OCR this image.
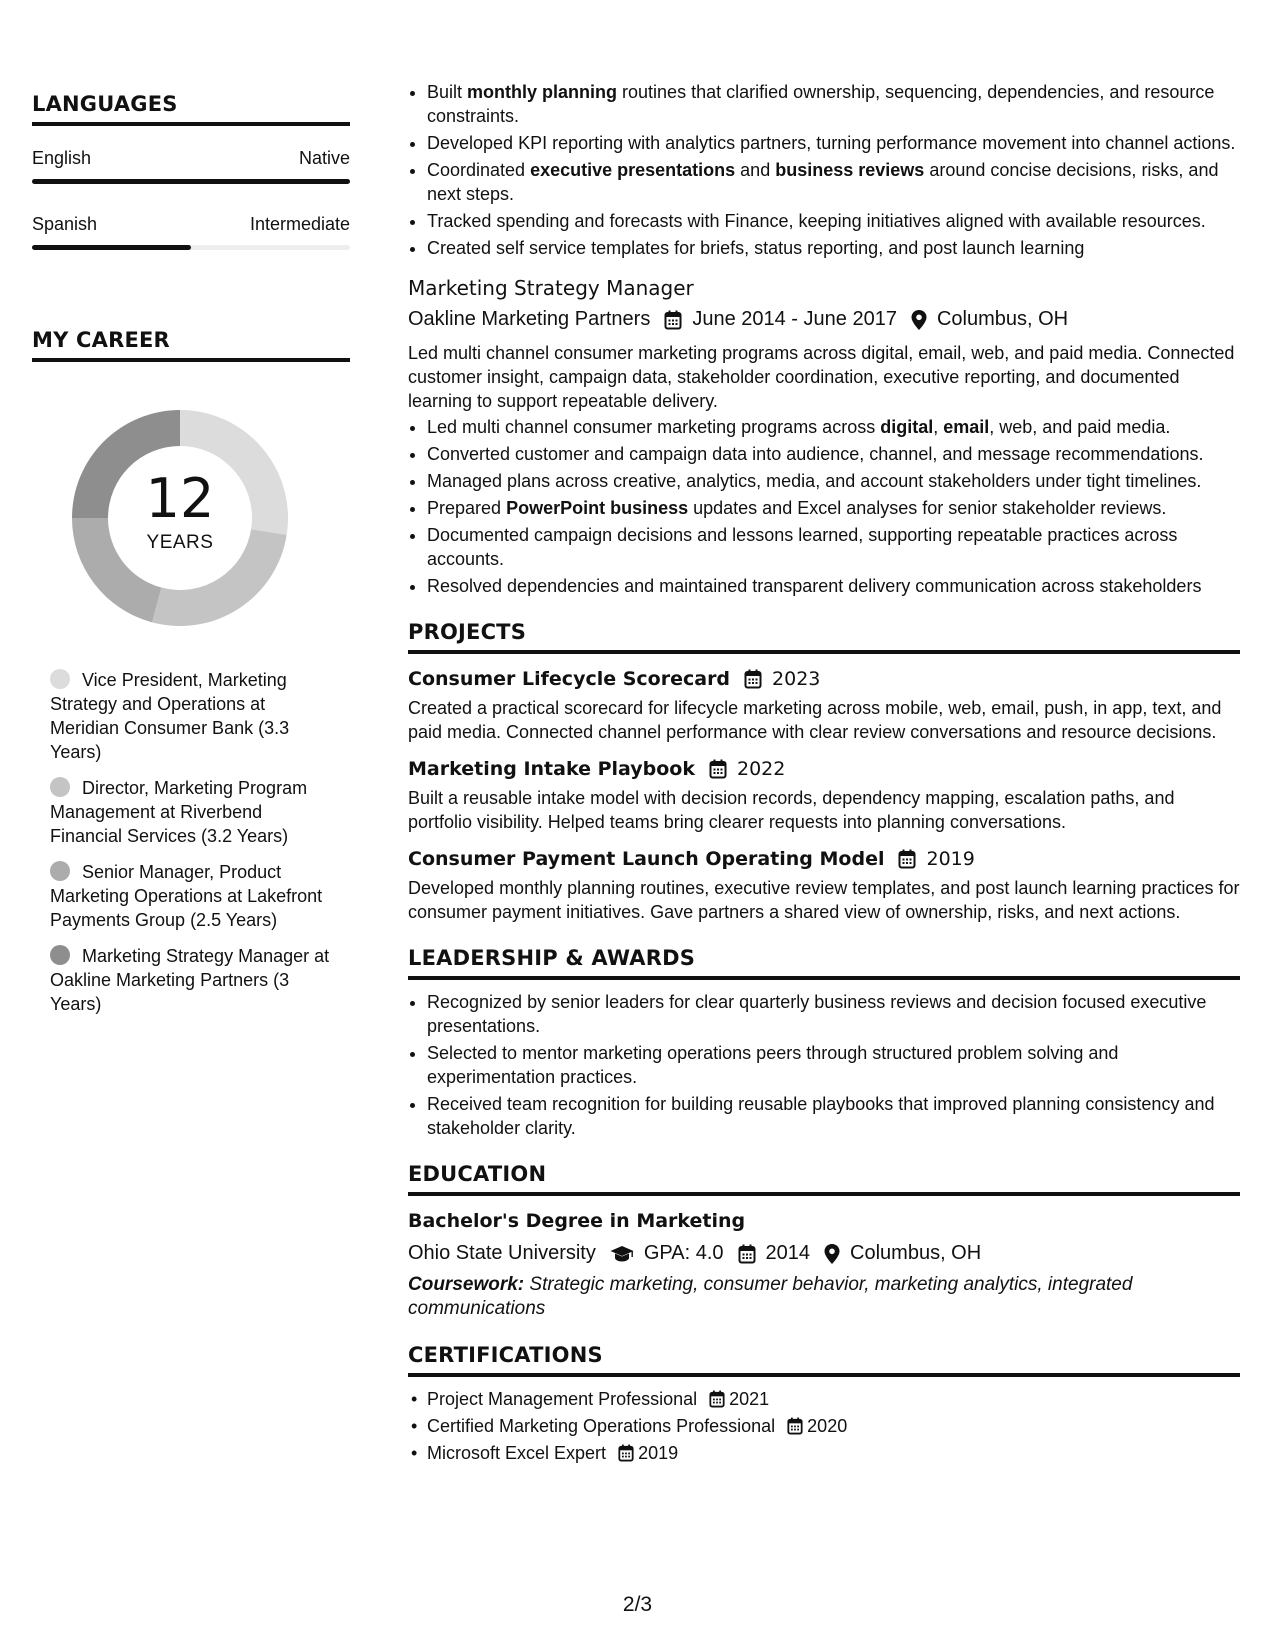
LANGUAGES
English	Native
Spanish	Intermediate
MY CAREER
12
YEARS
Vice President, Marketing Strategy and Operations at Meridian Consumer Bank (3.3 Years)
Director, Marketing Program Management at Riverbend Financial Services (3.2 Years)
Senior Manager, Product Marketing Operations at Lakefront Payments Group (2.5 Years)
Marketing Strategy Manager at Oakline Marketing Partners (3 Years)
• Built monthly planning routines that clarified ownership, sequencing, dependencies, and resource constraints.
• Developed KPI reporting with analytics partners, turning performance movement into channel actions.
• Coordinated executive presentations and business reviews around concise decisions, risks, and next steps.
• Tracked spending and forecasts with Finance, keeping initiatives aligned with available resources.
• Created self service templates for briefs, status reporting, and post launch learning
Marketing Strategy Manager
Oakline Marketing Partners June 2014 - June 2017 Columbus, OH
Led multi channel consumer marketing programs across digital, email, web, and paid media. Connected customer insight, campaign data, stakeholder coordination, executive reporting, and documented learning to support repeatable delivery.
• Led multi channel consumer marketing programs across digital, email, web, and paid media.
• Converted customer and campaign data into audience, channel, and message recommendations.
• Managed plans across creative, analytics, media, and account stakeholders under tight timelines.
• Prepared PowerPoint business updates and Excel analyses for senior stakeholder reviews.
• Documented campaign decisions and lessons learned, supporting repeatable practices across accounts.
• Resolved dependencies and maintained transparent delivery communication across stakeholders
PROJECTS
Consumer Lifecycle Scorecard 2023
Created a practical scorecard for lifecycle marketing across mobile, web, email, push, in app, text, and paid media. Connected channel performance with clear review conversations and resource decisions.
Marketing Intake Playbook 2022
Built a reusable intake model with decision records, dependency mapping, escalation paths, and portfolio visibility. Helped teams bring clearer requests into planning conversations.
Consumer Payment Launch Operating Model 2019
Developed monthly planning routines, executive review templates, and post launch learning practices for consumer payment initiatives. Gave partners a shared view of ownership, risks, and next actions.
LEADERSHIP & AWARDS
• Recognized by senior leaders for clear quarterly business reviews and decision focused executive presentations.
• Selected to mentor marketing operations peers through structured problem solving and experimentation practices.
• Received team recognition for building reusable playbooks that improved planning consistency and stakeholder clarity.
EDUCATION
Bachelor's Degree in Marketing
Ohio State University GPA: 4.0 2014 Columbus, OH
Coursework: Strategic marketing, consumer behavior, marketing analytics, integrated communications
CERTIFICATIONS
• Project Management Professional 2021
• Certified Marketing Operations Professional 2020
• Microsoft Excel Expert 2019
2/3
